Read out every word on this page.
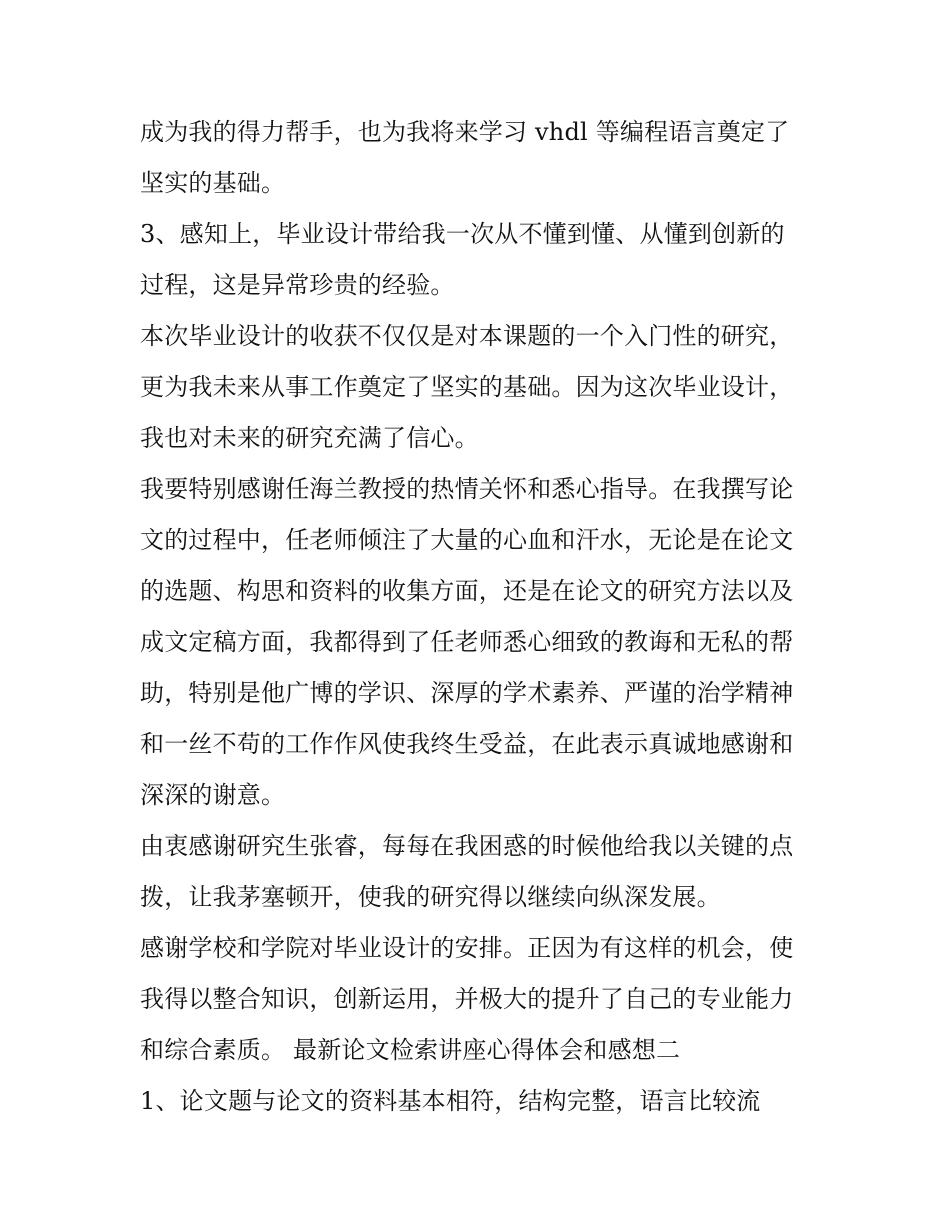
成为我的得力帮手，也为我将来学习 vhdl 等编程语言奠定了
坚实的基础。
3、感知上，毕业设计带给我一次从不懂到懂、从懂到创新的
过程，这是异常珍贵的经验。
本次毕业设计的收获不仅仅是对本课题的一个入门性的研究，
更为我未来从事工作奠定了坚实的基础。因为这次毕业设计，
我也对未来的研究充满了信心。
我要特别感谢任海兰教授的热情关怀和悉心指导。在我撰写论
文的过程中，任老师倾注了大量的心血和汗水，无论是在论文
的选题、构思和资料的收集方面，还是在论文的研究方法以及
成文定稿方面，我都得到了任老师悉心细致的教诲和无私的帮
助，特别是他广博的学识、深厚的学术素养、严谨的治学精神
和一丝不苟的工作作风使我终生受益，在此表示真诚地感谢和
深深的谢意。
由衷感谢研究生张睿，每每在我困惑的时候他给我以关键的点
拨，让我茅塞顿开，使我的研究得以继续向纵深发展。
感谢学校和学院对毕业设计的安排。正因为有这样的机会，使
我得以整合知识，创新运用，并极大的提升了自己的专业能力
和综合素质。 最新论文检索讲座心得体会和感想二
1、论文题与论文的资料基本相符，结构完整，语言比较流
